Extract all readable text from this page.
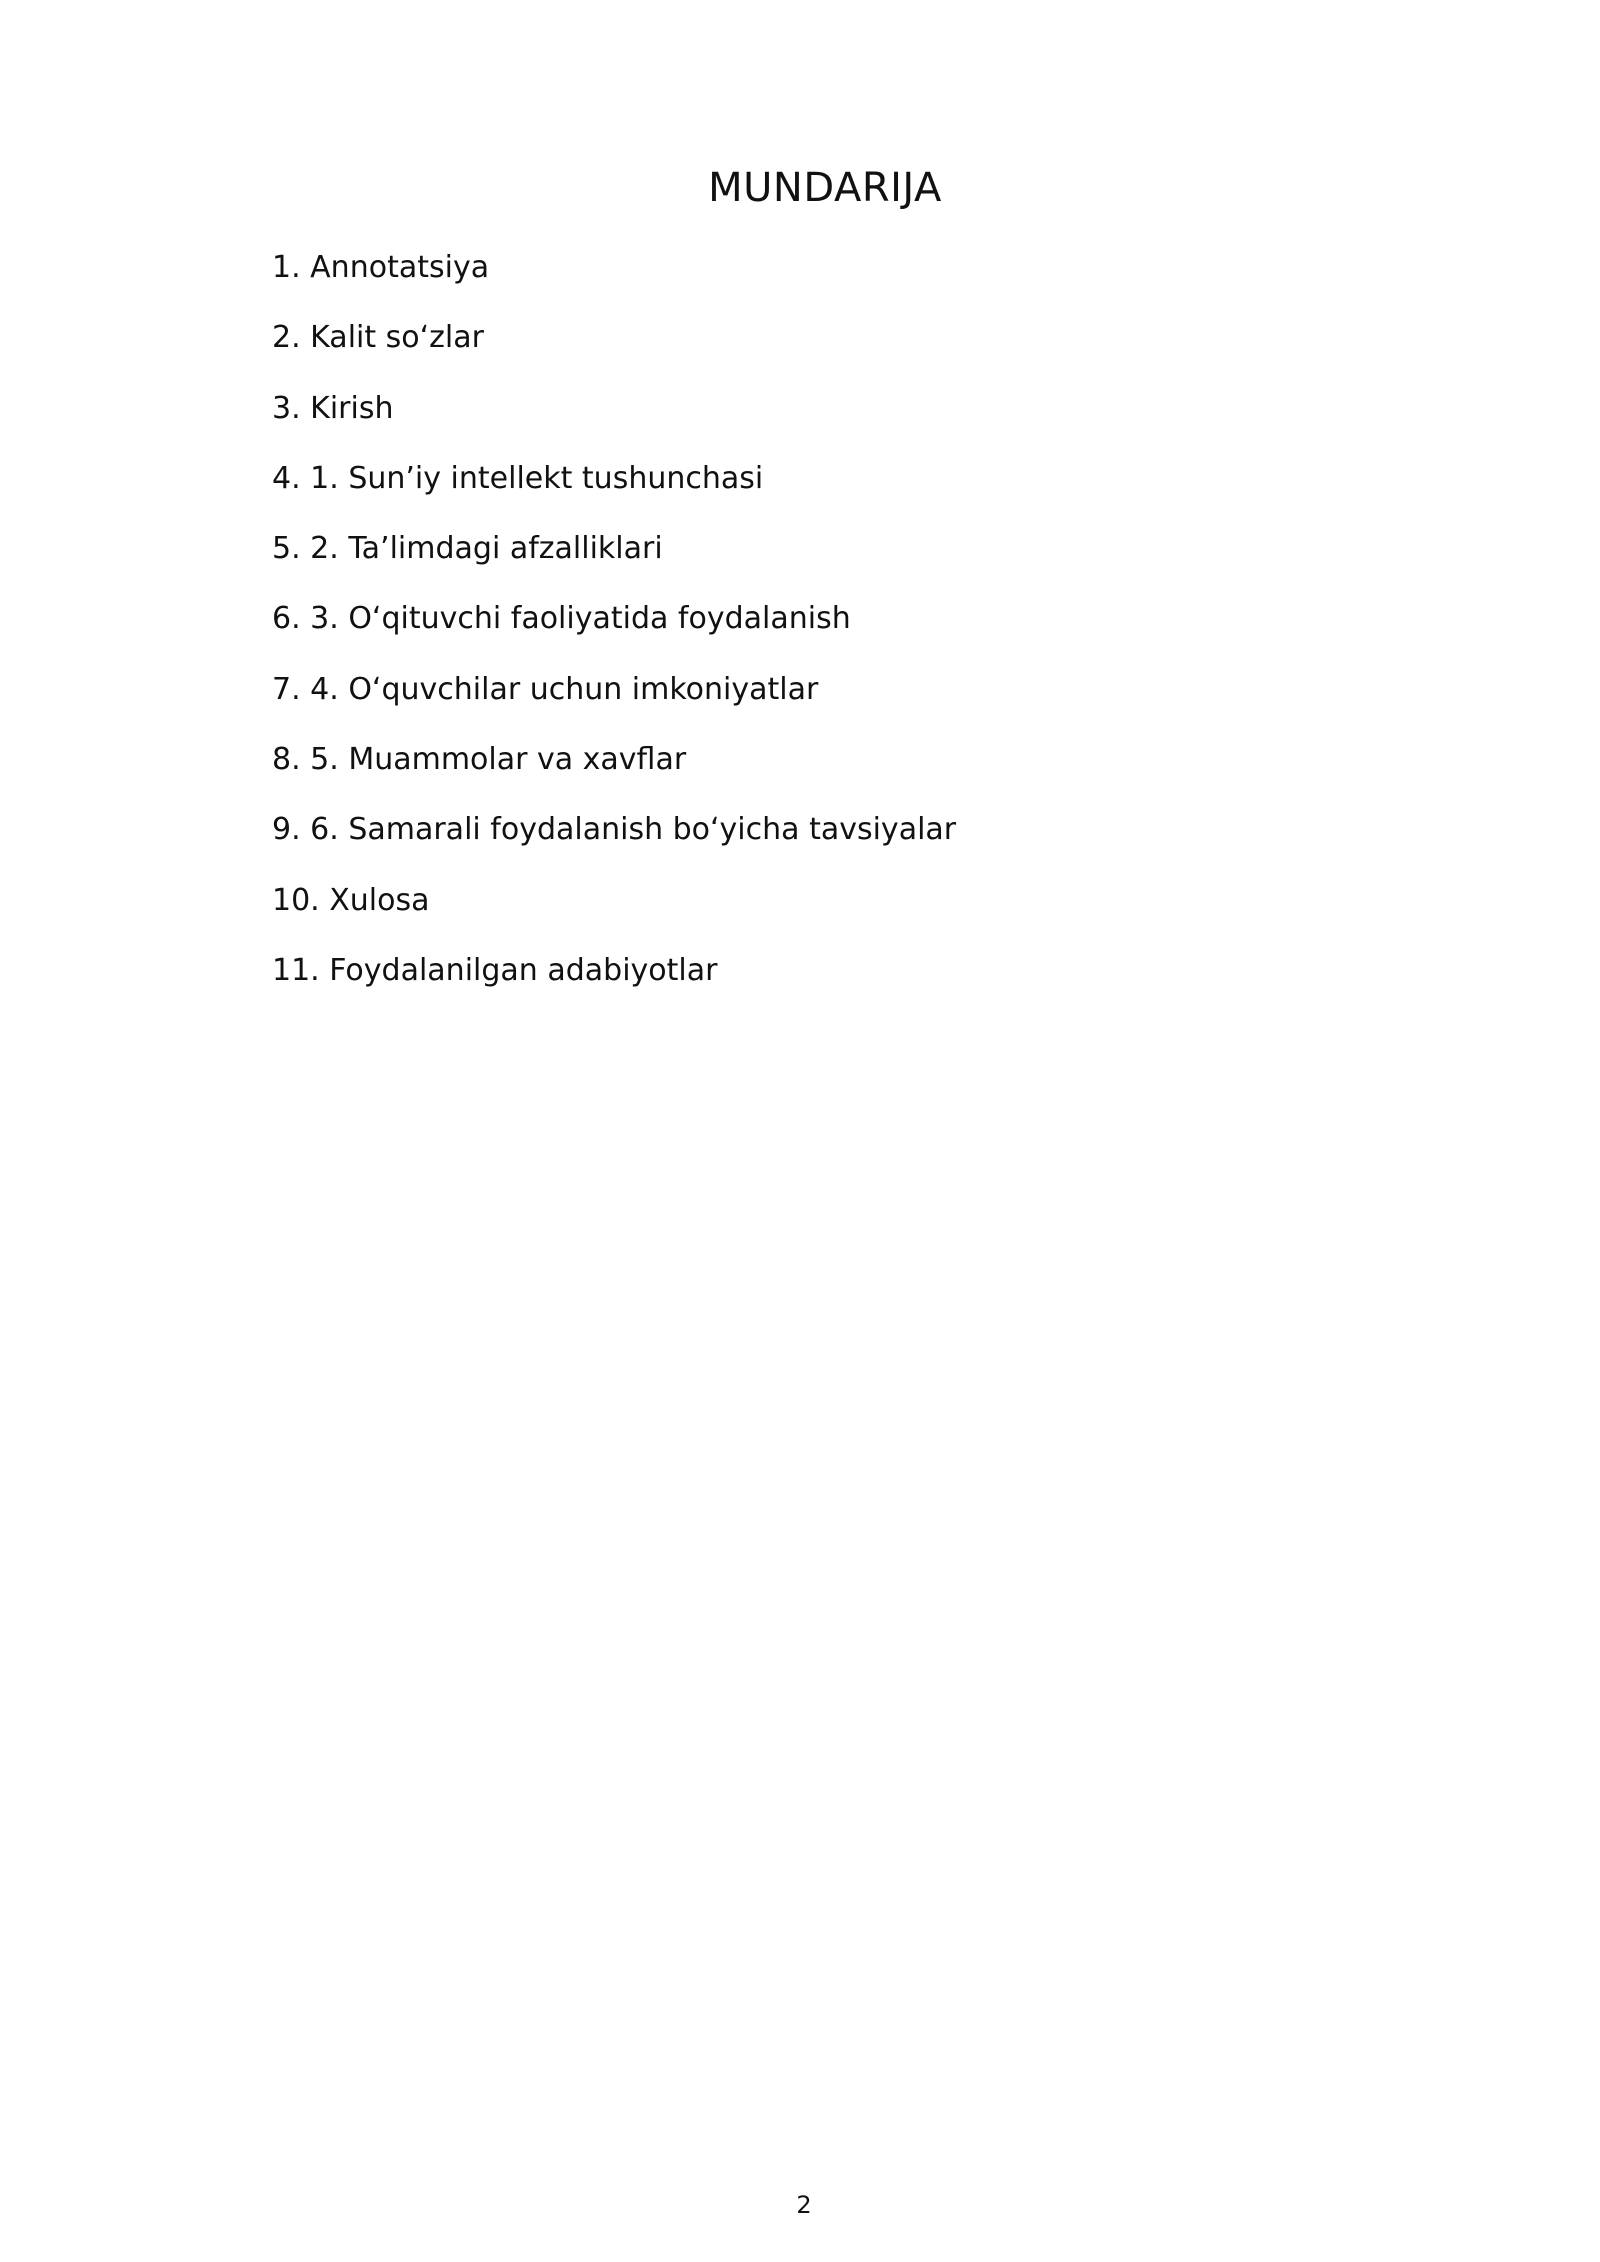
MUNDARIJA
1. Annotatsiya
2. Kalit so‘zlar
3. Kirish
4. 1. Sun’iy intellekt tushunchasi
5. 2. Ta’limdagi afzalliklari
6. 3. O‘qituvchi faoliyatida foydalanish
7. 4. O‘quvchilar uchun imkoniyatlar
8. 5. Muammolar va xavflar
9. 6. Samarali foydalanish bo‘yicha tavsiyalar
10. Xulosa
11. Foydalanilgan adabiyotlar
2
